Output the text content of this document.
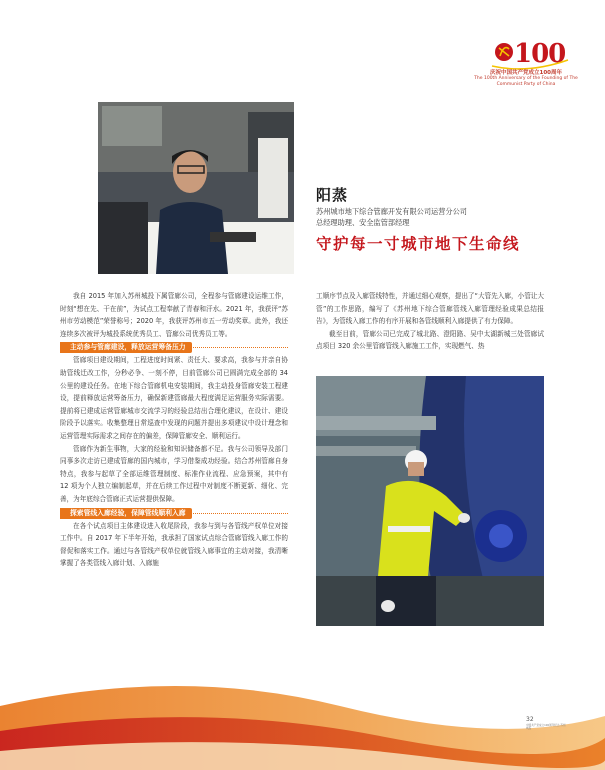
100
庆祝中国共产党成立100周年
The 100th Anniversary of the Founding of The Communist Party of China
阳蒸
苏州城市地下综合管廊开发有限公司运营分公司
总经理助理、安全监管部经理
守护每一寸城市地下生命线

我自 2015 年加入苏州城投下属管廊公司，全程参与管廊建设运维工作，时刻“想在先、干在前”，为试点工程奉献了青春和汗水。2021 年，我获评“苏州市劳动模范”荣誉称号；2020 年，我获评苏州市五一劳动奖章。此外，我还连续多次被评为城投系统优秀员工、管廊公司优秀员工等。

主动参与管廊建设，释放运营筹备压力

管廊项目建设期间，工程进度时间紧、责任大、要求高，我参与并亲自协助管线迁改工作，分秒必争、一刻不停，目前管廊公司已圆满完成全部的 34 公里的建设任务。在地下综合管廊机电安装期间，我主动投身管廊安装工程建设，提前释放运营筹备压力，确保新建管廊最大程度满足运营服务实际需要。提前将已建成运营管廊城市交流学习的经验总结出合理化建议，在设计、建设阶段予以落实。收集整理日常巡查中发现的问题并提出多项建议中设计理念和运营管理实际需求之间存在的偏差，保障管廊安全、顺利运行。

管廊作为新生事物，大家的经验和知识储备都不足。我与公司领导及部门同事多次走访已建成管廊的国内城市，学习借鉴成功经验。结合苏州管廊自身特点，我参与起草了全部运维管理制度、标准作业流程、应急预案，其中有 12 项为个人独立编制起草，并在后续工作过程中对制度不断更新、细化、完善，为年底综合管廊正式运营提供保障。

探索管线入廊经验，保障管线顺利入廊

在各个试点项目主体建设进入收尾阶段，我参与到与各管线产权单位对接工作中。自 2017 年下半年开始，我承担了国家试点综合管廊管线入廊工作的督促和落实工作。通过与各管线产权单位就管线入廊事宜的主动对接，我清晰掌握了各类管线入廊计划、入廊施

工顺序节点及入廊管线特性，并通过细心观察，提出了“大管先入廊，小管让大管”的工作思路，编写了《苏州地下综合管廊管线入廊管理经验成果总结报告》，为管线入廊工作的有序开展和各管线顺利入廊提供了有力保障。

截至目前，管廊公司已完成了城北路、澄阳路、吴中太湖新城三处管廊试点项目 320 余公里管廊管线入廊施工工作，实现燃气、热

32
中国共产党成立100周年纪念·苏州城投
